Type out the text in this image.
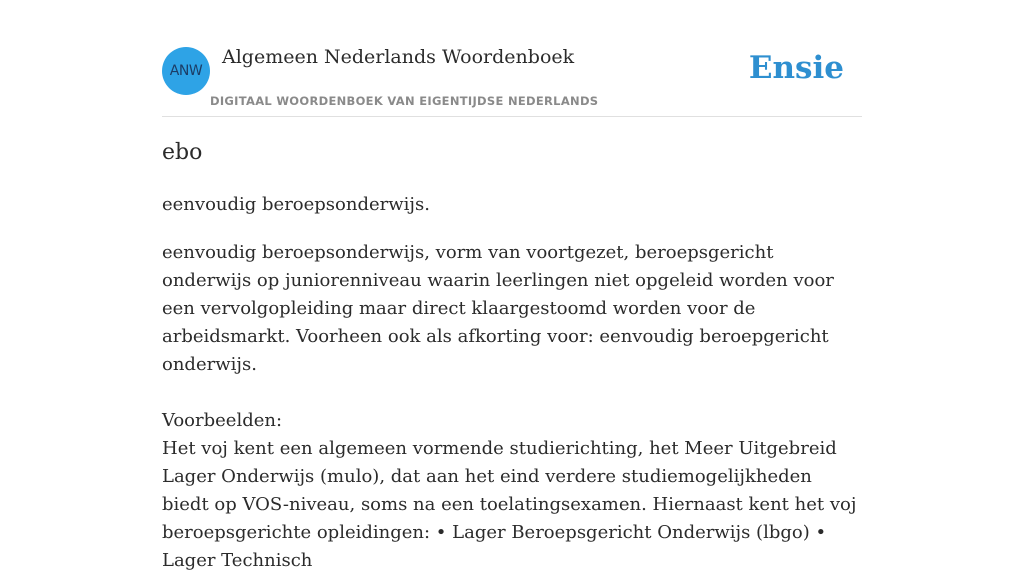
ANW
Algemeen Nederlands Woordenboek
DIGITAAL WOORDENBOEK VAN EIGENTIJDSE NEDERLANDS
Ensie
ebo
eenvoudig beroepsonderwijs.

eenvoudig beroepsonderwijs, vorm van voortgezet, beroepsgericht onderwijs op juniorenniveau waarin leerlingen niet opgeleid worden voor een vervolgopleiding maar direct klaargestoomd worden voor de arbeidsmarkt. Voorheen ook als afkorting voor: eenvoudig beroepgericht onderwijs.

Voorbeelden:

Het voj kent een algemeen vormende studierichting, het Meer Uitgebreid Lager Onderwijs (mulo), dat aan het eind verdere studiemogelijkheden biedt op VOS-niveau, soms na een toelatingsexamen. Hiernaast kent het voj beroepsgerichte opleidingen: • Lager Beroepsgericht Onderwijs (lbgo) • Lager Technisch
